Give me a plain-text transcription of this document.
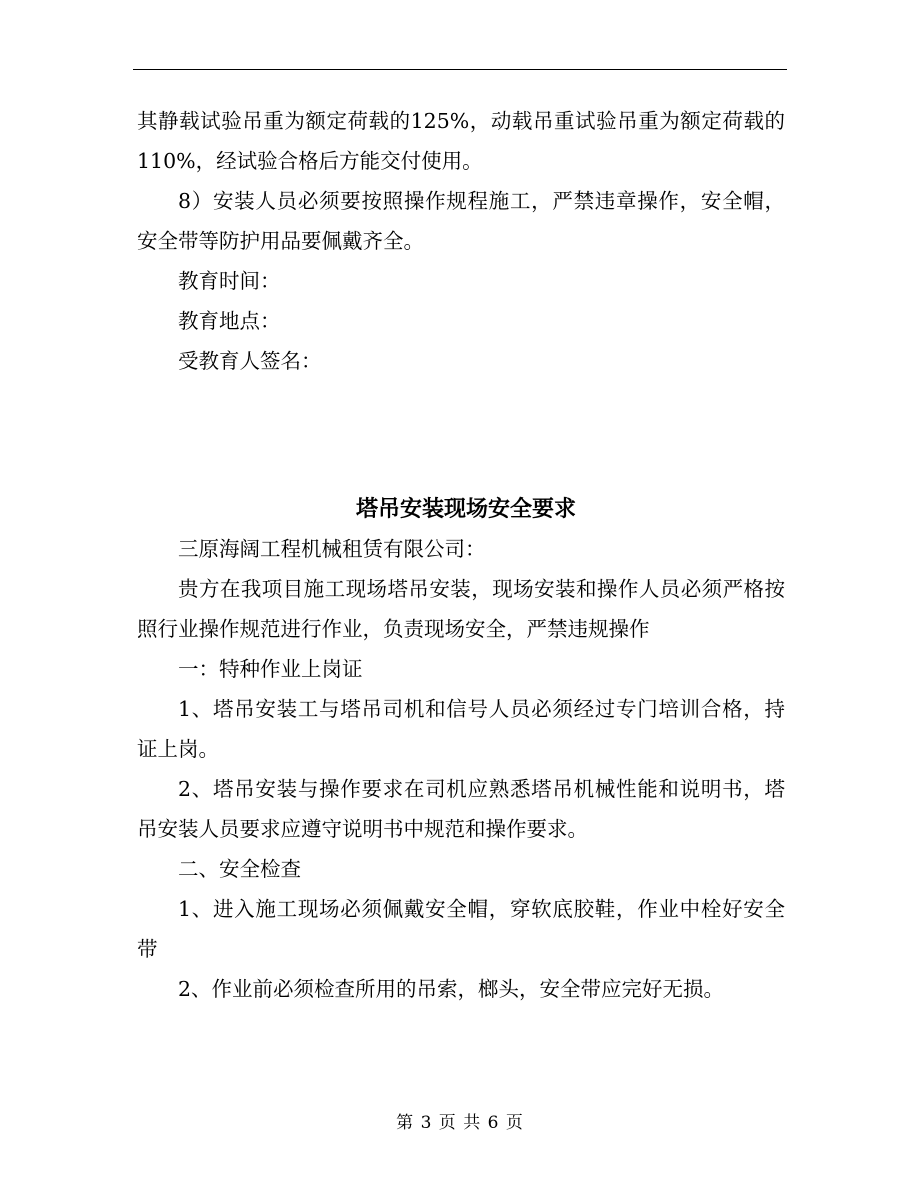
其静载试验吊重为额定荷载的125%，动载吊重试验吊重为额定荷载的110%，经试验合格后方能交付使用。

8）安装人员必须要按照操作规程施工，严禁违章操作，安全帽，安全带等防护用品要佩戴齐全。

教育时间：

教育地点：

受教育人签名：

塔吊安装现场安全要求

三原海阔工程机械租赁有限公司：

贵方在我项目施工现场塔吊安装，现场安装和操作人员必须严格按照行业操作规范进行作业，负责现场安全，严禁违规操作

一：特种作业上岗证

1、塔吊安装工与塔吊司机和信号人员必须经过专门培训合格，持证上岗。

2、塔吊安装与操作要求在司机应熟悉塔吊机械性能和说明书，塔吊安装人员要求应遵守说明书中规范和操作要求。

二、安全检查

1、进入施工现场必须佩戴安全帽，穿软底胶鞋，作业中栓好安全带

2、作业前必须检查所用的吊索，榔头，安全带应完好无损。

第 3 页 共 6 页
